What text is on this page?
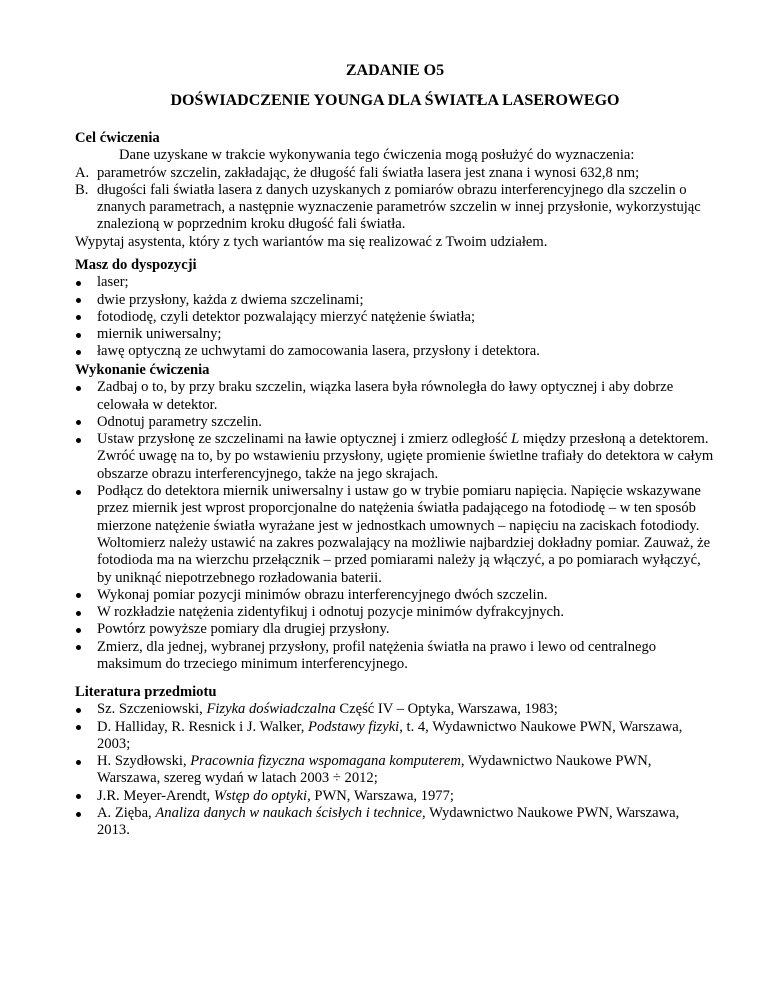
ZADANIE O5
DOŚWIADCZENIE YOUNGA DLA ŚWIATŁA LASEROWEGO
Cel ćwiczenia

Dane uzyskane w trakcie wykonywania tego ćwiczenia mogą posłużyć do wyznaczenia:

A. parametrów szczelin, zakładając, że długość fali światła lasera jest znana i wynosi 632,8 nm;
B. długości fali światła lasera z danych uzyskanych z pomiarów obrazu interferencyjnego dla szczelin o znanych parametrach, a następnie wyznaczenie parametrów szczelin w innej przysłonie, wykorzystując znalezioną w poprzednim kroku długość fali światła.

Wypytaj asystenta, który z tych wariantów ma się realizować z Twoim udziałem.

Masz do dyspozycji
laser;
dwie przysłony, każda z dwiema szczelinami;
fotodiodę, czyli detektor pozwalający mierzyć natężenie światła;
miernik uniwersalny;
ławę optyczną ze uchwytami do zamocowania lasera, przysłony i detektora.
Wykonanie ćwiczenia
Zadbaj o to, by przy braku szczelin, wiązka lasera była równoległa do ławy optycznej i aby dobrze celowała w detektor.
Odnotuj parametry szczelin.
Ustaw przysłonę ze szczelinami na ławie optycznej i zmierz odległość L między przesłoną a detektorem. Zwróć uwagę na to, by po wstawieniu przysłony, ugięte promienie świetlne trafiały do detektora w całym obszarze obrazu interferencyjnego, także na jego skrajach.
Podłącz do detektora miernik uniwersalny i ustaw go w trybie pomiaru napięcia. Napięcie wskazywane przez miernik jest wprost proporcjonalne do natężenia światła padającego na fotodiodę – w ten sposób mierzone natężenie światła wyrażane jest w jednostkach umownych – napięciu na zaciskach fotodiody. Woltomierz należy ustawić na zakres pozwalający na możliwie najbardziej dokładny pomiar. Zauważ, że fotodioda ma na wierzchu przełącznik – przed pomiarami należy ją włączyć, a po pomiarach wyłączyć, by uniknąć niepotrzebnego rozładowania baterii.
Wykonaj pomiar pozycji minimów obrazu interferencyjnego dwóch szczelin.
W rozkładzie natężenia zidentyfikuj i odnotuj pozycje minimów dyfrakcyjnych.
Powtórz powyższe pomiary dla drugiej przysłony.
Zmierz, dla jednej, wybranej przysłony, profil natężenia światła na prawo i lewo od centralnego maksimum do trzeciego minimum interferencyjnego.
Literatura przedmiotu
Sz. Szczeniowski, Fizyka doświadczalna Część IV – Optyka, Warszawa, 1983;
D. Halliday, R. Resnick i J. Walker, Podstawy fizyki, t. 4, Wydawnictwo Naukowe PWN, Warszawa, 2003;
H. Szydłowski, Pracownia fizyczna wspomagana komputerem, Wydawnictwo Naukowe PWN, Warszawa, szereg wydań w latach 2003 ÷ 2012;
J.R. Meyer-Arendt, Wstęp do optyki, PWN, Warszawa, 1977;
A. Zięba, Analiza danych w naukach ścisłych i technice, Wydawnictwo Naukowe PWN, Warszawa, 2013.
